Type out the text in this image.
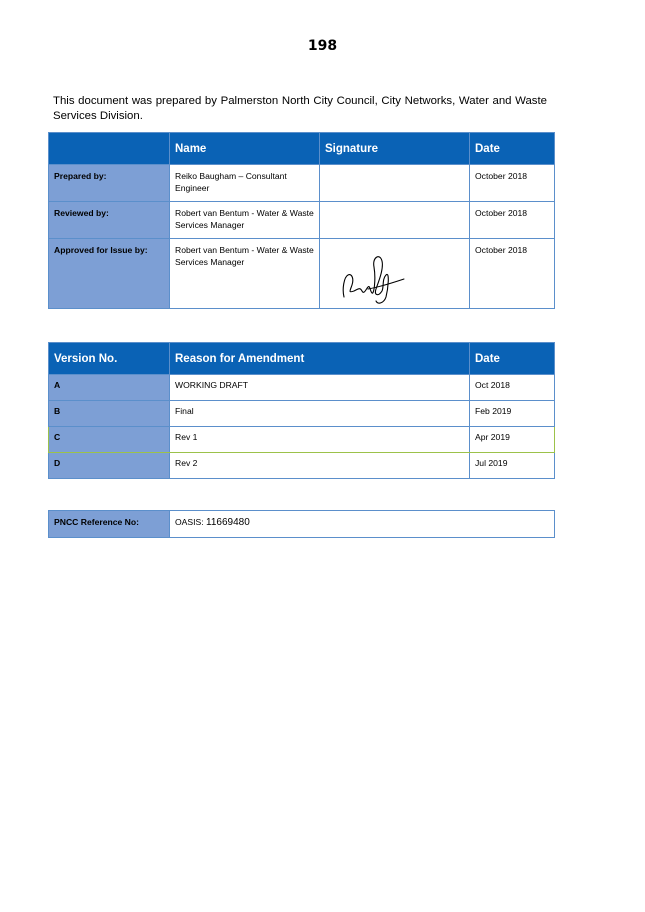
198
This document was prepared by Palmerston North City Council, City Networks, Water and Waste Services Division.
	Name	Signature	Date
Prepared by:	Reiko Baugham – Consultant Engineer		October 2018
Reviewed by:	Robert van Bentum - Water & Waste Services Manager		October 2018
Approved for Issue by:	Robert van Bentum - Water & Waste Services Manager		October 2018
Version No.	Reason for Amendment	Date
A	WORKING DRAFT	Oct 2018
B	Final	Feb 2019
C	Rev 1	Apr 2019
D	Rev 2	Jul 2019
PNCC Reference No:	OASIS: 11669480
